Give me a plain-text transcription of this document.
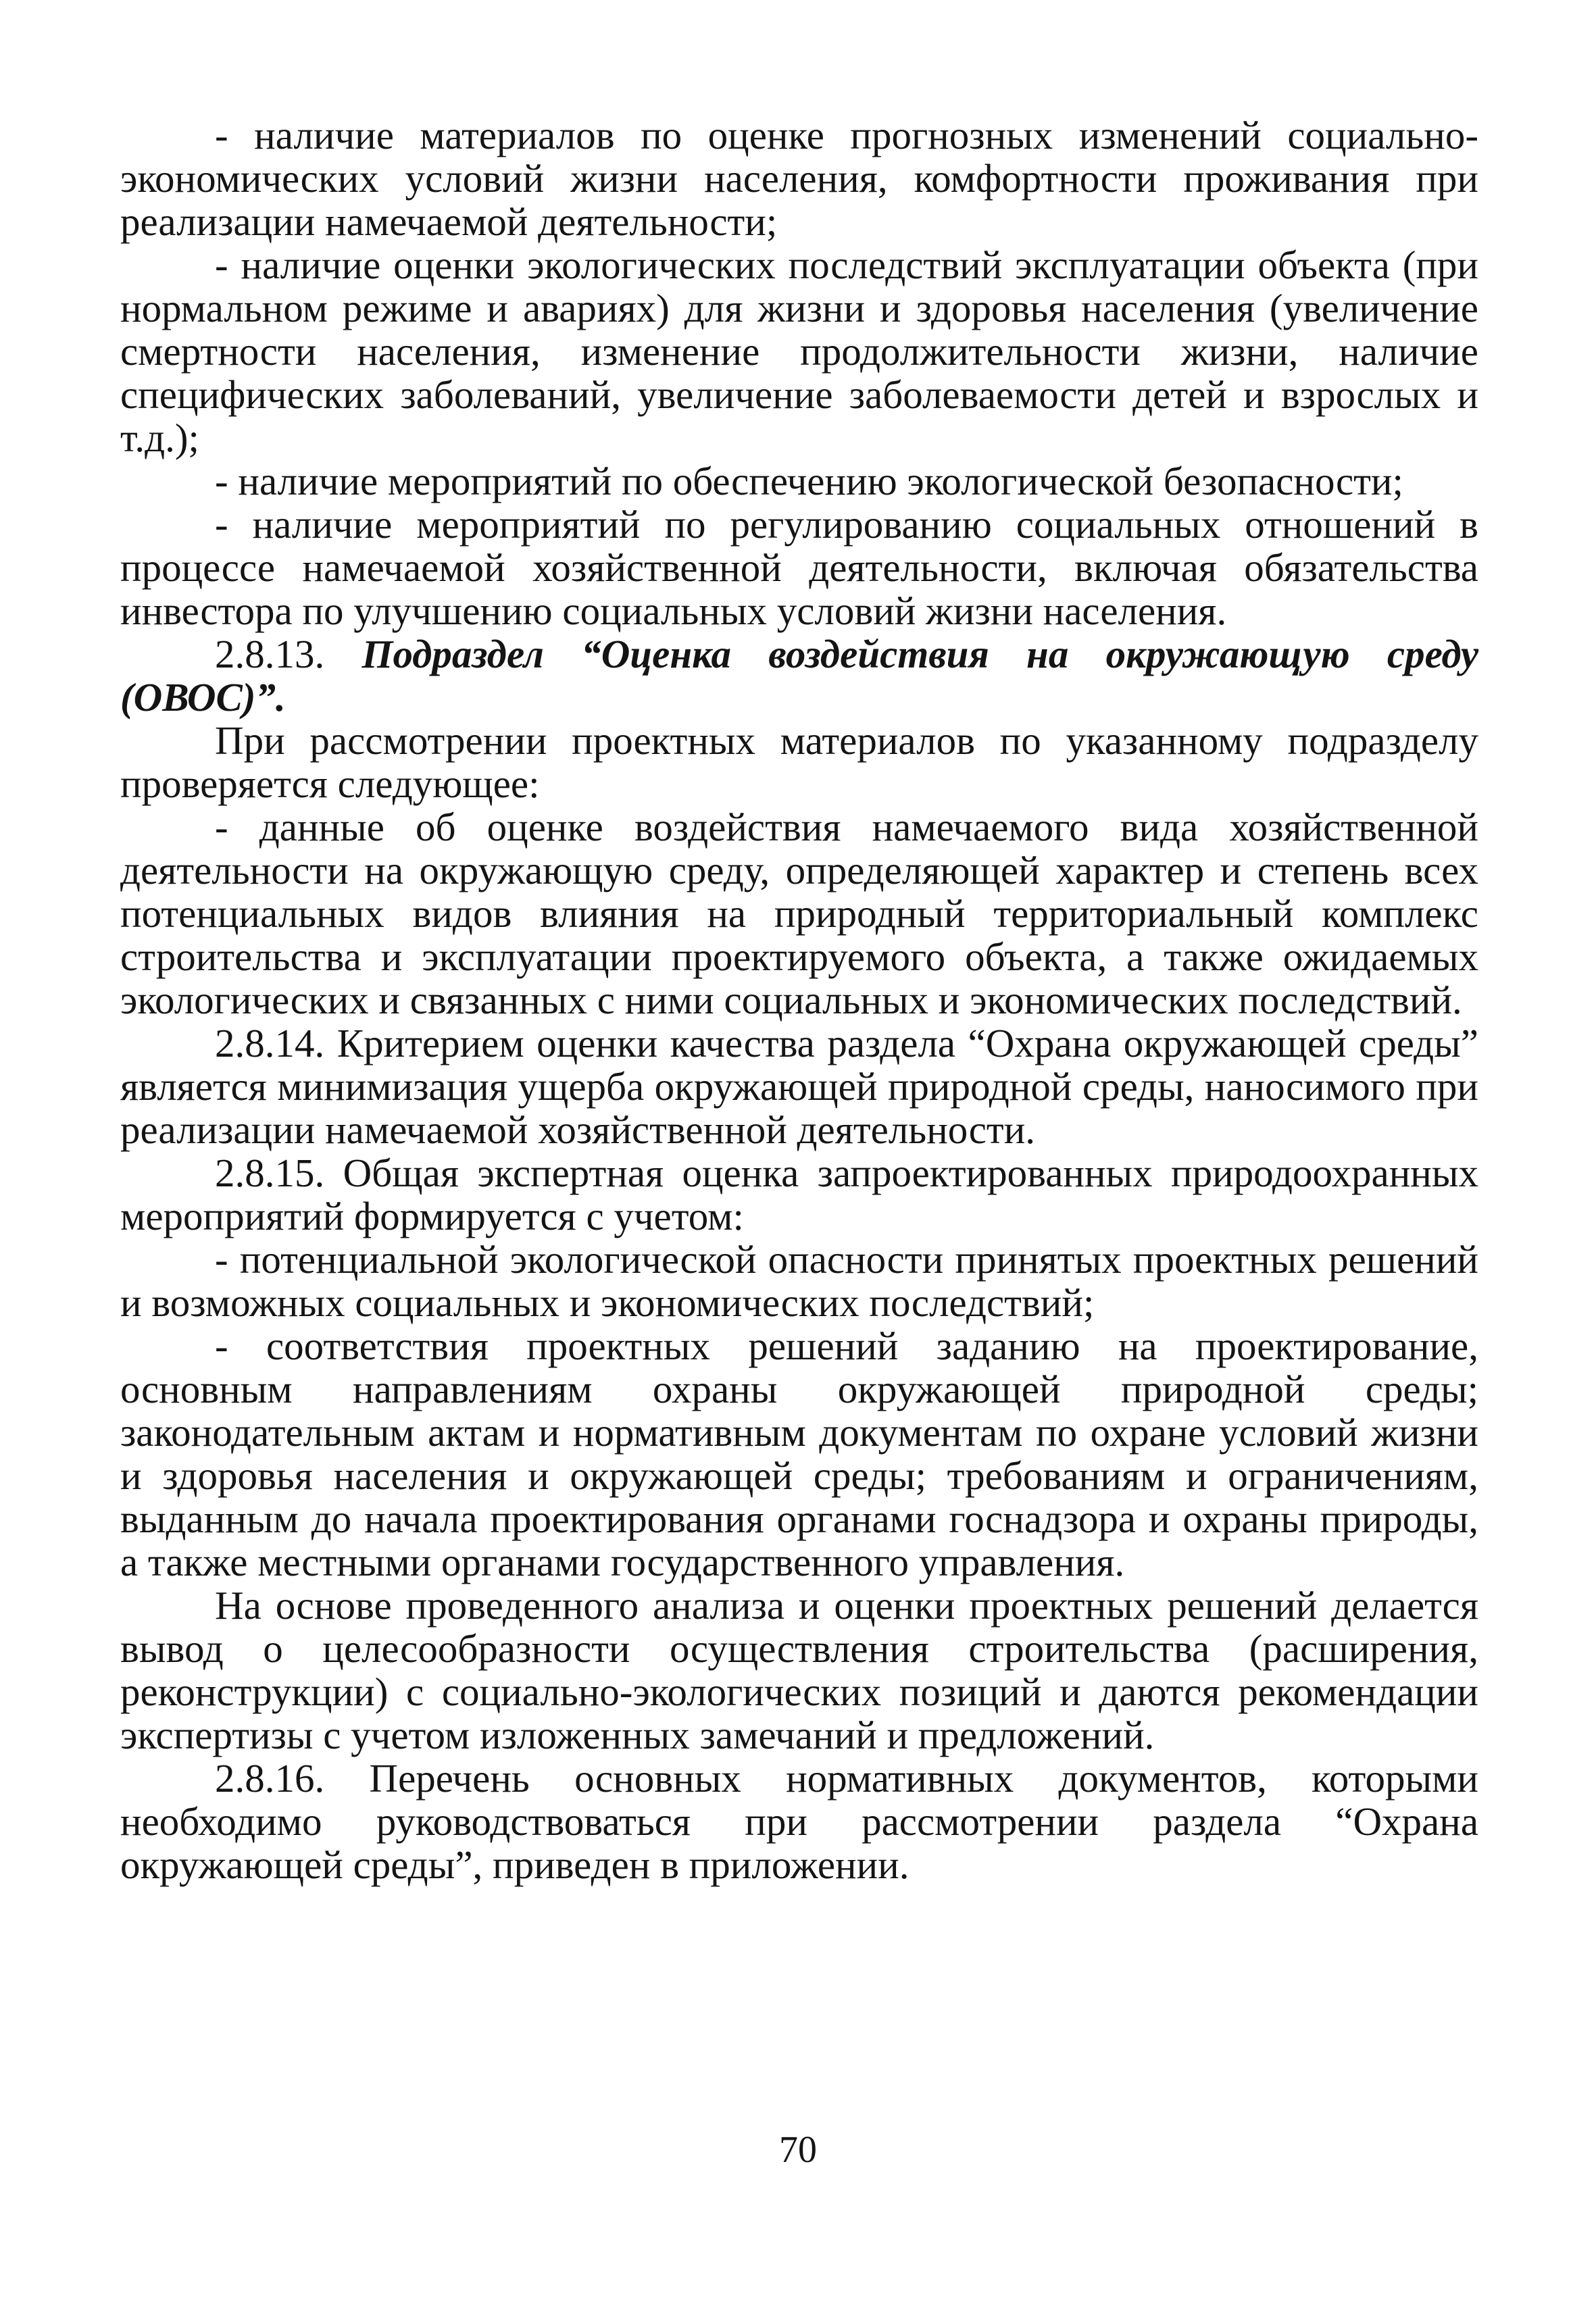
- наличие материалов по оценке прогнозных изменений социально-экономических условий жизни населения, комфортности проживания при реализации намечаемой деятельности;

- наличие оценки экологических последствий эксплуатации объекта (при нормальном режиме и авариях) для жизни и здоровья населения (увеличение смертности населения, изменение продолжительности жизни, наличие специфических заболеваний, увеличение заболеваемости детей и взрослых и т.д.);

- наличие мероприятий по обеспечению экологической безопасности;

- наличие мероприятий по регулированию социальных отношений в процессе намечаемой хозяйственной деятельности, включая обязательства инвестора по улучшению социальных условий жизни населения.

2.8.13. Подраздел “Оценка воздействия на окружающую среду (ОВОС)”.

При рассмотрении проектных материалов по указанному подразделу проверяется следующее:

- данные об оценке воздействия намечаемого вида хозяйственной деятельности на окружающую среду, определяющей характер и степень всех потенциальных видов влияния на природный территориальный комплекс строительства и эксплуатации проектируемого объекта, а также ожидаемых экологических и связанных с ними социальных и экономических последствий.

2.8.14. Критерием оценки качества раздела “Охрана окружающей среды” является минимизация ущерба окружающей природной среды, наносимого при реализации намечаемой хозяйственной деятельности.

2.8.15. Общая экспертная оценка запроектированных природоохранных мероприятий формируется с учетом:

- потенциальной экологической опасности принятых проектных решений и возможных социальных и экономических последствий;

- соответствия проектных решений заданию на проектирование, основным направлениям охраны окружающей природной среды; законодательным актам и нормативным документам по охране условий жизни и здоровья населения и окружающей среды; требованиям и ограничениям, выданным до начала проектирования органами госнадзора и охраны природы, а также местными органами государственного управления.

На основе проведенного анализа и оценки проектных решений делается вывод о целесообразности осуществления строительства (расширения, реконструкции) с социально-экологических позиций и даются рекомендации экспертизы с учетом изложенных замечаний и предложений.

2.8.16. Перечень основных нормативных документов, которыми необходимо руководствоваться при рассмотрении раздела “Охрана окружающей среды”, приведен в приложении.

70
